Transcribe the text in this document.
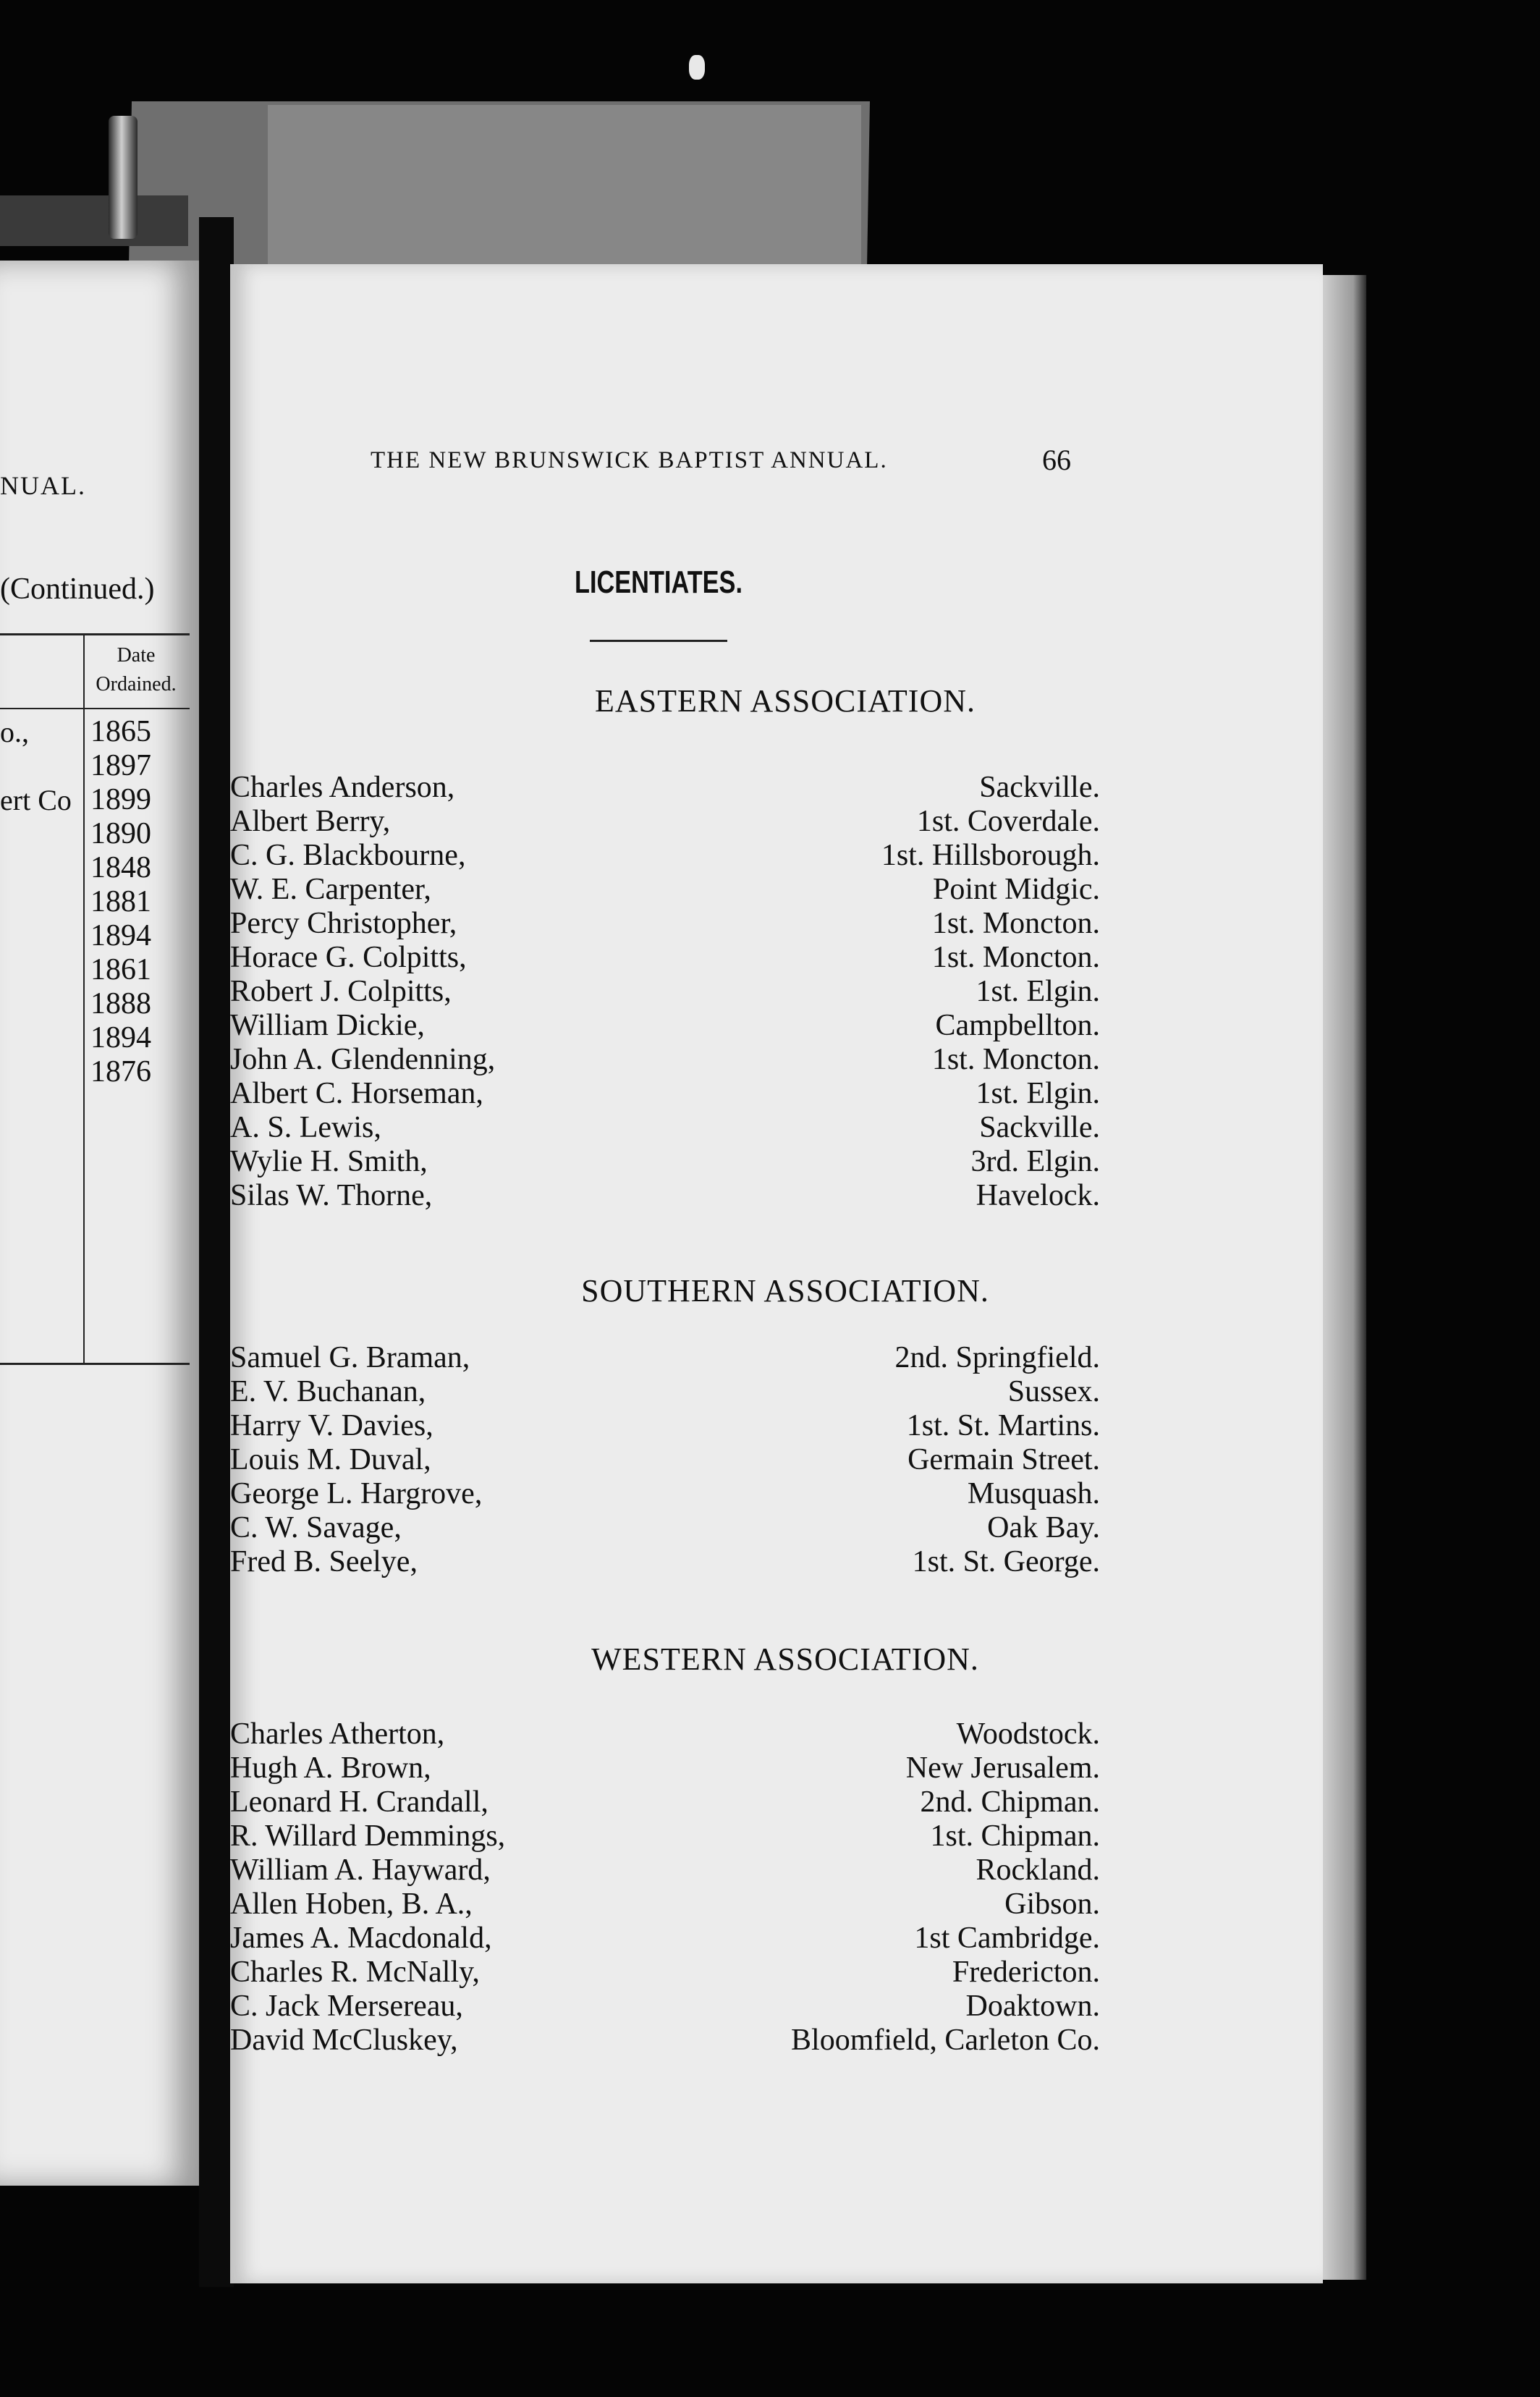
NUAL.
(Continued.)
Date
Ordained.
o., 1865
1897
ert Co 1899
1890
1848
1881
1894
1861
1888
1894
1876
THE NEW BRUNSWICK BAPTIST ANNUAL.	66
LICENTIATES.
EASTERN ASSOCIATION.
Charles Anderson,	Sackville.
Albert Berry,	1st. Coverdale.
C. G. Blackbourne,	1st. Hillsborough.
W. E. Carpenter,	Point Midgic.
Percy Christopher,	1st. Moncton.
Horace G. Colpitts,	1st. Moncton.
Robert J. Colpitts,	1st. Elgin.
William Dickie,	Campbellton.
John A. Glendenning,	1st. Moncton.
Albert C. Horseman,	1st. Elgin.
A. S. Lewis,	Sackville.
Wylie H. Smith,	3rd. Elgin.
Silas W. Thorne,	Havelock.
SOUTHERN ASSOCIATION.
Samuel G. Braman,	2nd. Springfield.
E. V. Buchanan,	Sussex.
Harry V. Davies,	1st. St. Martins.
Louis M. Duval,	Germain Street.
George L. Hargrove,	Musquash.
C. W. Savage,	Oak Bay.
Fred B. Seelye,	1st. St. George.
WESTERN ASSOCIATION.
Charles Atherton,	Woodstock.
Hugh A. Brown,	New Jerusalem.
Leonard H. Crandall,	2nd. Chipman.
R. Willard Demmings,	1st. Chipman.
William A. Hayward,	Rockland.
Allen Hoben, B. A.,	Gibson.
James A. Macdonald,	1st Cambridge.
Charles R. McNally,	Fredericton.
C. Jack Mersereau,	Doaktown.
David McCluskey,	Bloomfield, Carleton Co.
